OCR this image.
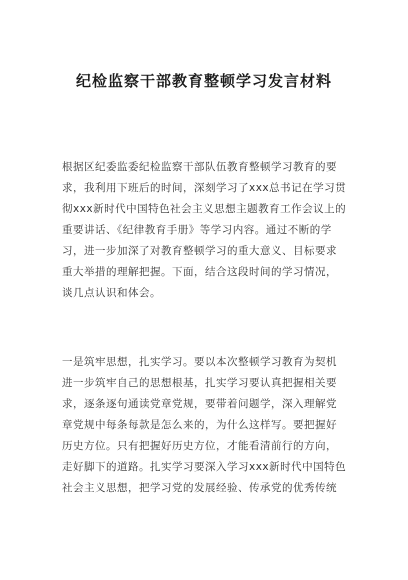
纪检监察干部教育整顿学习发言材料
根据区纪委监委纪检监察干部队伍教育整顿学习教育的要
求，我利用下班后的时间，深刻学习了xxx总书记在学习贯
彻xxx新时代中国特色社会主义思想主题教育工作会议上的
重要讲话、《纪律教育手册》等学习内容。通过不断的学
习，进一步加深了对教育整顿学习的重大意义、目标要求
重大举措的理解把握。下面，结合这段时间的学习情况，
谈几点认识和体会。
一是筑牢思想，扎实学习。要以本次整顿学习教育为契机
进一步筑牢自己的思想根基，扎实学习要认真把握相关要
求，逐条逐句通读党章党规，要带着问题学，深入理解党
章党规中每条每款是怎么来的，为什么这样写。要把握好
历史方位。只有把握好历史方位，才能看清前行的方向，
走好脚下的道路。扎实学习要深入学习xxx新时代中国特色
社会主义思想，把学习党的发展经验、传承党的优秀传统
